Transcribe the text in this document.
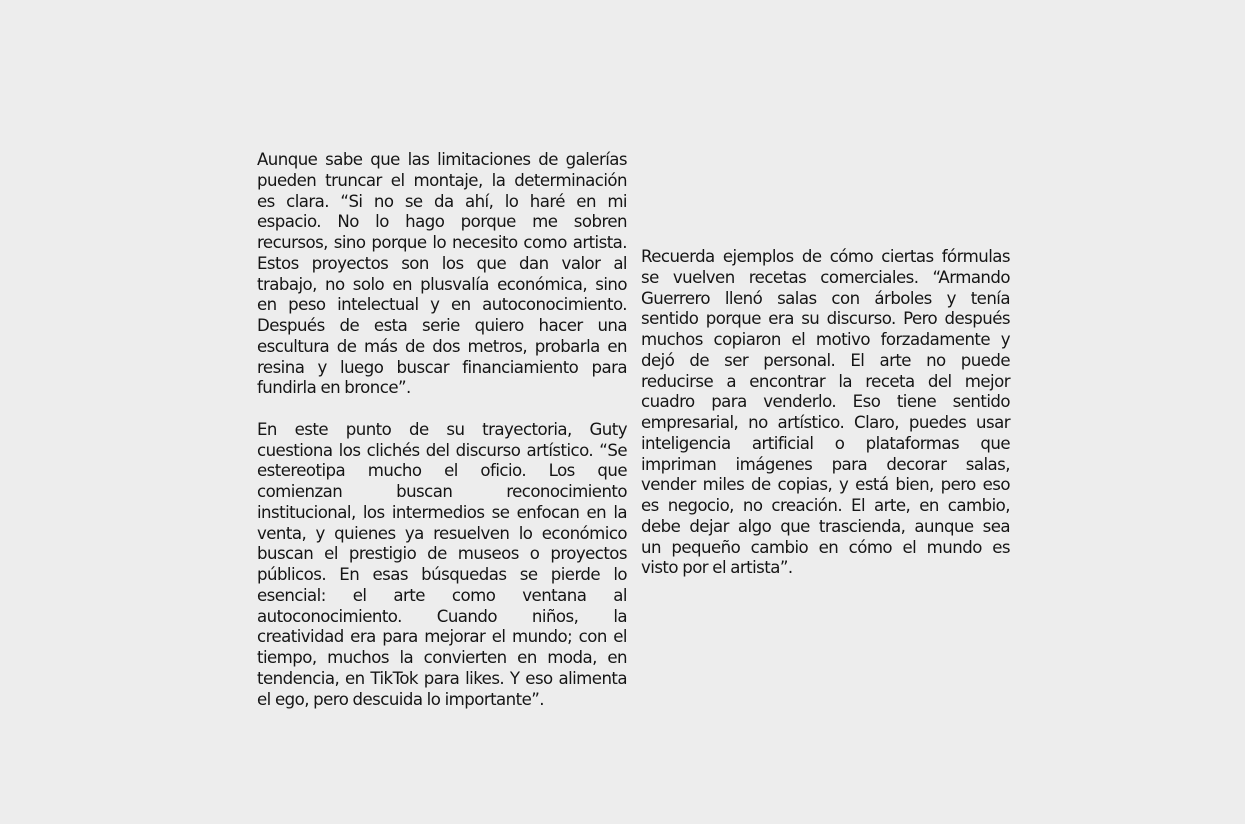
Aunque sabe que las limitaciones de galerías
pueden truncar el montaje, la determinación
es clara. “Si no se da ahí, lo haré en mi
espacio. No lo hago porque me sobren
recursos, sino porque lo necesito como artista.
Estos proyectos son los que dan valor al
trabajo, no solo en plusvalía económica, sino
en peso intelectual y en autoconocimiento.
Después de esta serie quiero hacer una
escultura de más de dos metros, probarla en
resina y luego buscar financiamiento para
fundirla en bronce”.

En este punto de su trayectoria, Guty
cuestiona los clichés del discurso artístico. “Se
estereotipa mucho el oficio. Los que
comienzan buscan reconocimiento
institucional, los intermedios se enfocan en la
venta, y quienes ya resuelven lo económico
buscan el prestigio de museos o proyectos
públicos. En esas búsquedas se pierde lo
esencial: el arte como ventana al
autoconocimiento. Cuando niños, la
creatividad era para mejorar el mundo; con el
tiempo, muchos la convierten en moda, en
tendencia, en TikTok para likes. Y eso alimenta
el ego, pero descuida lo importante”.

Recuerda ejemplos de cómo ciertas fórmulas
se vuelven recetas comerciales. “Armando
Guerrero llenó salas con árboles y tenía
sentido porque era su discurso. Pero después
muchos copiaron el motivo forzadamente y
dejó de ser personal. El arte no puede
reducirse a encontrar la receta del mejor
cuadro para venderlo. Eso tiene sentido
empresarial, no artístico. Claro, puedes usar
inteligencia artificial o plataformas que
impriman imágenes para decorar salas,
vender miles de copias, y está bien, pero eso
es negocio, no creación. El arte, en cambio,
debe dejar algo que trascienda, aunque sea
un pequeño cambio en cómo el mundo es
visto por el artista”.
